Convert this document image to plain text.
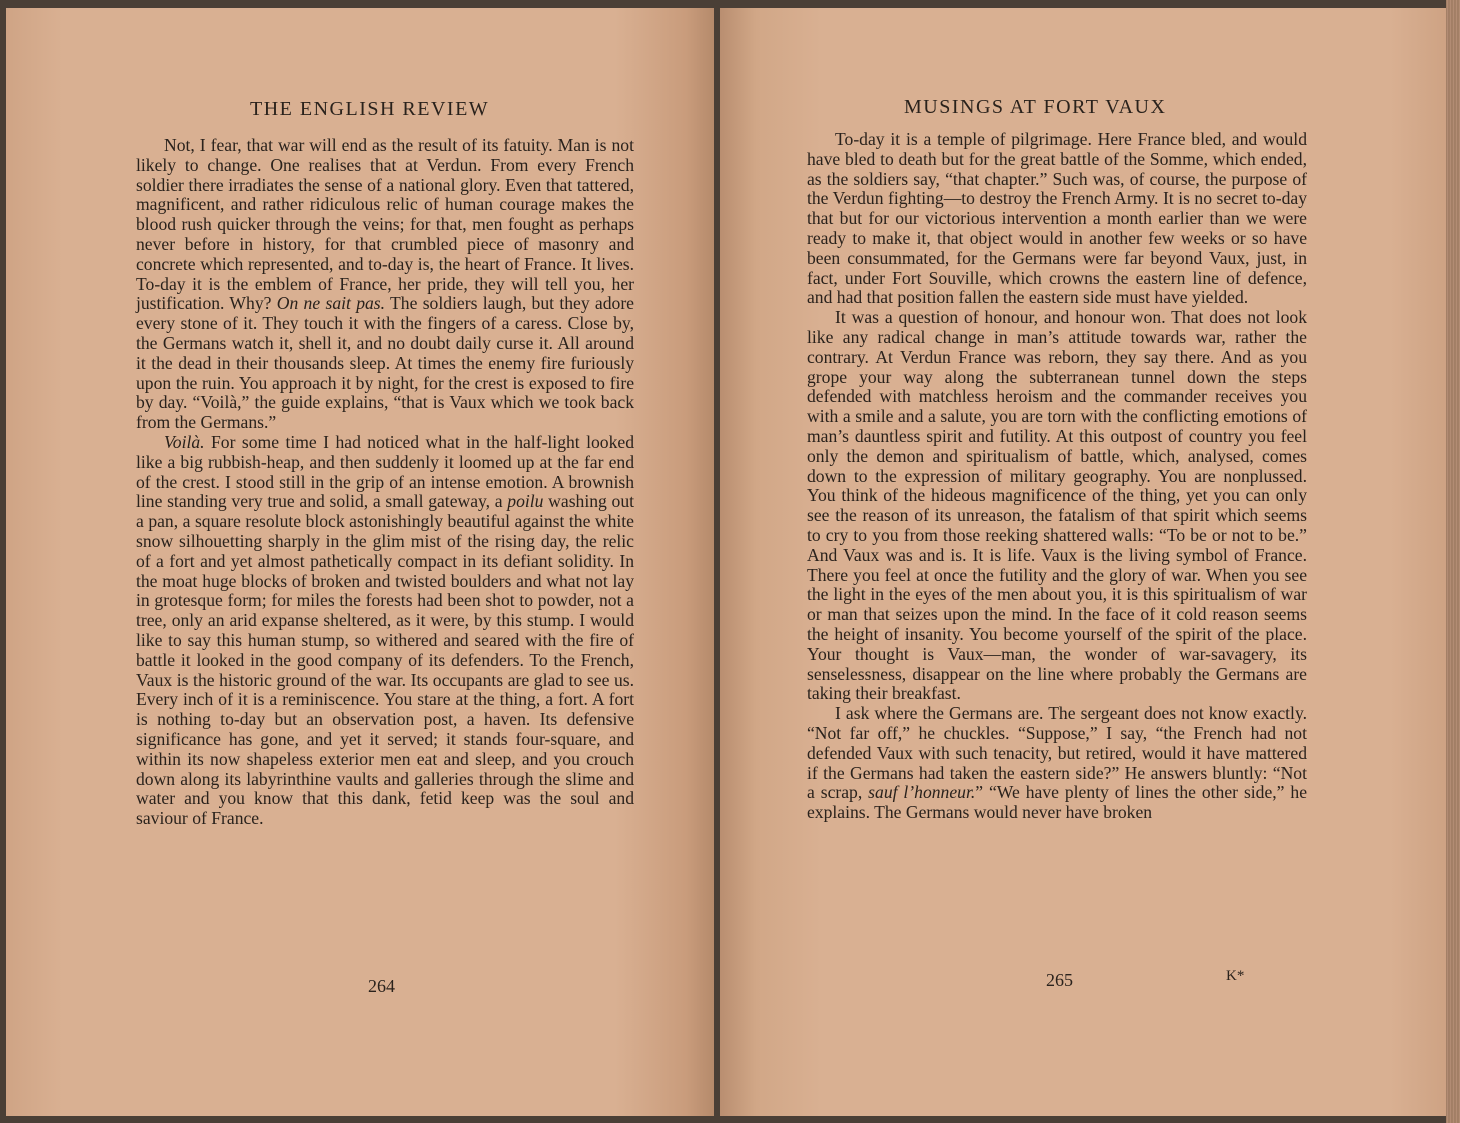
THE ENGLISH REVIEW

Not, I fear, that war will end as the result of its fatuity. Man is not likely to change. One realises that at Verdun. From every French soldier there irradiates the sense of a national glory. Even that tattered, magnificent, and rather ridiculous relic of human courage makes the blood rush quicker through the veins; for that, men fought as perhaps never before in history, for that crumbled piece of masonry and concrete which represented, and to-day is, the heart of France. It lives. To-day it is the emblem of France, her pride, they will tell you, her justification. Why? On ne sait pas. The soldiers laugh, but they adore every stone of it. They touch it with the fingers of a caress. Close by, the Germans watch it, shell it, and no doubt daily curse it. All around it the dead in their thousands sleep. At times the enemy fire furiously upon the ruin. You approach it by night, for the crest is exposed to fire by day. “Voilà,” the guide explains, “that is Vaux which we took back from the Germans.”

Voilà. For some time I had noticed what in the half-light looked like a big rubbish-heap, and then suddenly it loomed up at the far end of the crest. I stood still in the grip of an intense emotion. A brownish line standing very true and solid, a small gateway, a poilu washing out a pan, a square resolute block astonishingly beautiful against the white snow silhouetting sharply in the glim mist of the rising day, the relic of a fort and yet almost pathetically compact in its defiant solidity. In the moat huge blocks of broken and twisted boulders and what not lay in grotesque form; for miles the forests had been shot to powder, not a tree, only an arid expanse sheltered, as it were, by this stump. I would like to say this human stump, so withered and seared with the fire of battle it looked in the good company of its defenders. To the French, Vaux is the historic ground of the war. Its occupants are glad to see us. Every inch of it is a reminiscence. You stare at the thing, a fort. A fort is nothing to-day but an observation post, a haven. Its defensive significance has gone, and yet it served; it stands four-square, and within its now shapeless exterior men eat and sleep, and you crouch down along its labyrinthine vaults and galleries through the slime and water and you know that this dank, fetid keep was the soul and saviour of France.

264
MUSINGS AT FORT VAUX

To-day it is a temple of pilgrimage. Here France bled, and would have bled to death but for the great battle of the Somme, which ended, as the soldiers say, “that chapter.” Such was, of course, the purpose of the Verdun fighting—to destroy the French Army. It is no secret to-day that but for our victorious intervention a month earlier than we were ready to make it, that object would in another few weeks or so have been consummated, for the Germans were far beyond Vaux, just, in fact, under Fort Souville, which crowns the eastern line of defence, and had that position fallen the eastern side must have yielded.

It was a question of honour, and honour won. That does not look like any radical change in man’s attitude towards war, rather the contrary. At Verdun France was reborn, they say there. And as you grope your way along the subterranean tunnel down the steps defended with matchless heroism and the commander receives you with a smile and a salute, you are torn with the conflicting emotions of man’s dauntless spirit and futility. At this outpost of country you feel only the demon and spiritualism of battle, which, analysed, comes down to the expression of military geography. You are nonplussed. You think of the hideous magnificence of the thing, yet you can only see the reason of its unreason, the fatalism of that spirit which seems to cry to you from those reeking shattered walls: “To be or not to be.” And Vaux was and is. It is life. Vaux is the living symbol of France. There you feel at once the futility and the glory of war. When you see the light in the eyes of the men about you, it is this spiritualism of war or man that seizes upon the mind. In the face of it cold reason seems the height of insanity. You become yourself of the spirit of the place. Your thought is Vaux—man, the wonder of war-savagery, its senselessness, disappear on the line where probably the Germans are taking their breakfast.

I ask where the Germans are. The sergeant does not know exactly. “Not far off,” he chuckles. “Suppose,” I say, “the French had not defended Vaux with such tenacity, but retired, would it have mattered if the Germans had taken the eastern side?” He answers bluntly: “Not a scrap, sauf l’honneur.” “We have plenty of lines the other side,” he explains. The Germans would never have broken

265	K*
